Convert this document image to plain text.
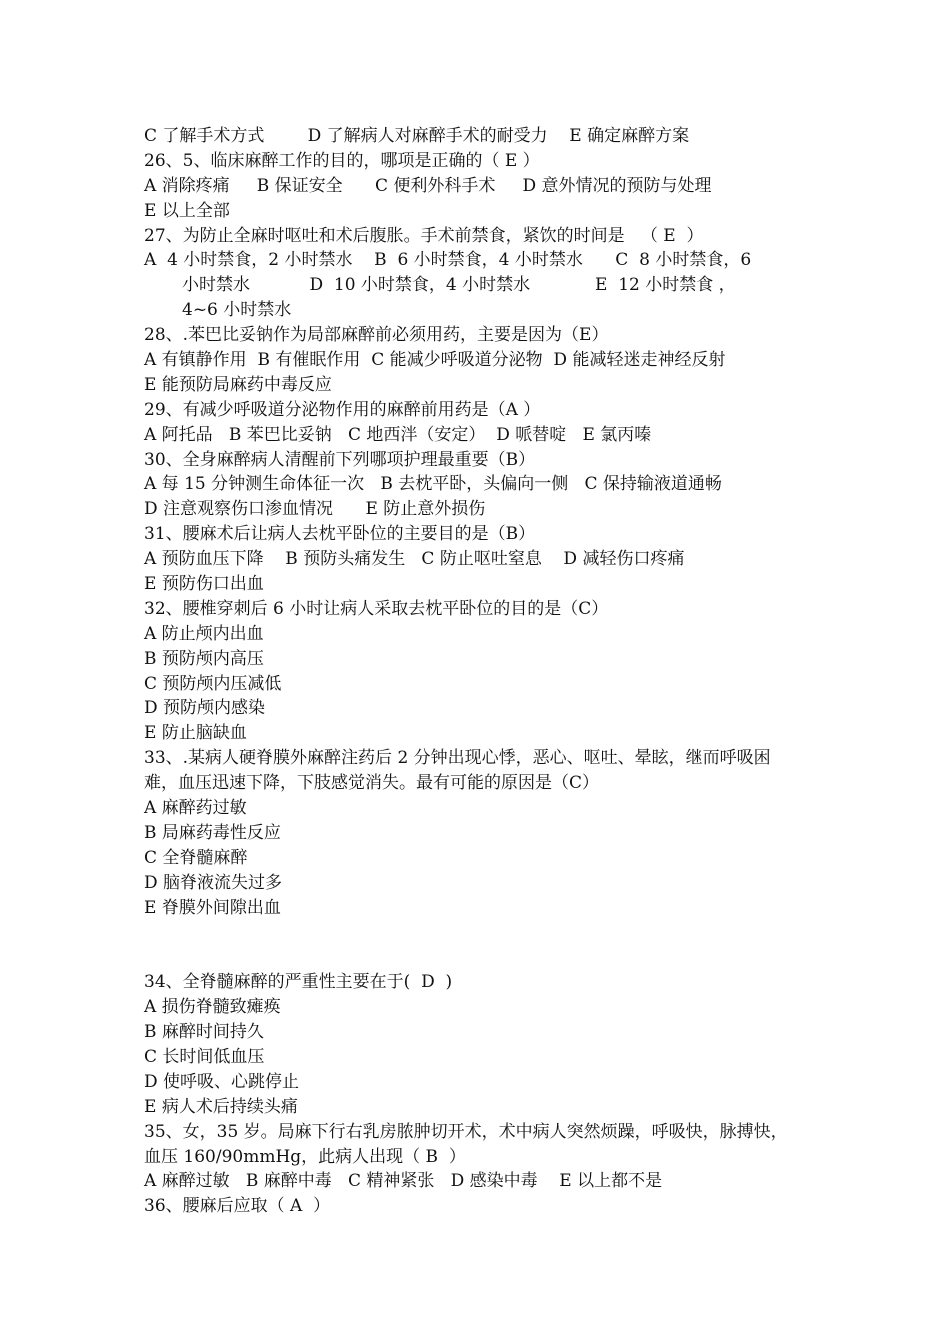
C 了解手术方式        D 了解病人对麻醉手术的耐受力    E 确定麻醉方案
26、5、临床麻醉工作的目的，哪项是正确的（ E ）
A 消除疼痛     B 保证安全      C 便利外科手术     D 意外情况的预防与处理
E 以上全部
27、为防止全麻时呕吐和术后腹胀。手术前禁食，紧饮的时间是   （ E  ）
A  4 小时禁食，2 小时禁水    B  6 小时禁食，4 小时禁水      C  8 小时禁食，6
小时禁水           D  10 小时禁食，4 小时禁水            E  12 小时禁食 ，
4~6 小时禁水
28、.苯巴比妥钠作为局部麻醉前必须用药，主要是因为（E）
A 有镇静作用  B 有催眠作用  C 能减少呼吸道分泌物  D 能减轻迷走神经反射
E 能预防局麻药中毒反应
29、有减少呼吸道分泌物作用的麻醉前用药是（A ）
A 阿托品   B 苯巴比妥钠   C 地西泮（安定）  D 哌替啶   E 氯丙嗪
30、全身麻醉病人清醒前下列哪项护理最重要（B）
A 每 15 分钟测生命体征一次   B 去枕平卧，头偏向一侧   C 保持输液道通畅
D 注意观察伤口渗血情况      E 防止意外损伤
31、腰麻术后让病人去枕平卧位的主要目的是（B）
A 预防血压下降    B 预防头痛发生   C 防止呕吐窒息    D 减轻伤口疼痛
E 预防伤口出血
32、腰椎穿刺后 6 小时让病人采取去枕平卧位的目的是（C）
A 防止颅内出血
B 预防颅内高压
C 预防颅内压减低
D 预防颅内感染
E 防止脑缺血
33、.某病人硬脊膜外麻醉注药后 2 分钟出现心悸，恶心、呕吐、晕眩，继而呼吸困
难，血压迅速下降，下肢感觉消失。最有可能的原因是（C）
A 麻醉药过敏
B 局麻药毒性反应
C 全脊髓麻醉
D 脑脊液流失过多
E 脊膜外间隙出血
34、全脊髓麻醉的严重性主要在于(  D  )
A 损伤脊髓致瘫痪
B 麻醉时间持久
C 长时间低血压
D 使呼吸、心跳停止
E 病人术后持续头痛
35、女，35 岁。局麻下行右乳房脓肿切开术，术中病人突然烦躁，呼吸快，脉搏快，
血压 160/90mmHg，此病人出现（ B  ）
A 麻醉过敏   B 麻醉中毒   C 精神紧张   D 感染中毒    E 以上都不是
36、腰麻后应取（ A  ）
